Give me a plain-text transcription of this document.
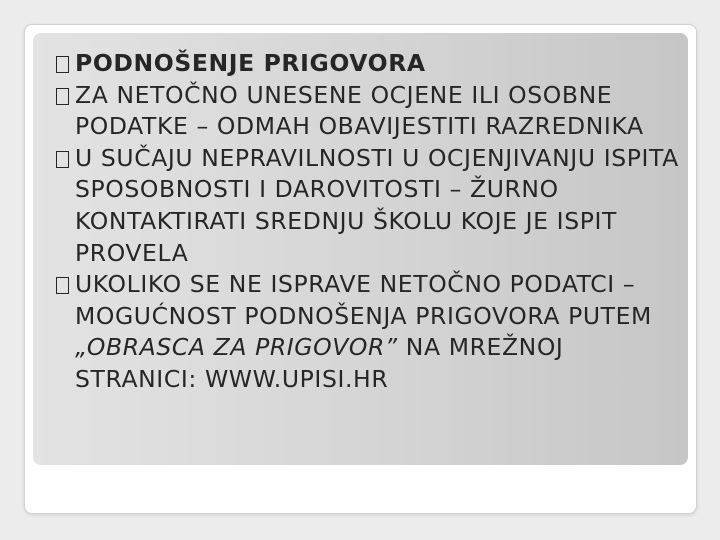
PODNOŠENJE PRIGOVORA
ZA NETOČNO UNESENE OCJENE ILI OSOBNE PODATKE – ODMAH OBAVIJESTITI RAZREDNIKA
U SUČAJU NEPRAVILNOSTI U OCJENJIVANJU ISPITA SPOSOBNOSTI I DAROVITOSTI – ŽURNO KONTAKTIRATI SREDNJU ŠKOLU KOJE JE ISPIT PROVELA
UKOLIKO SE NE ISPRAVE NETOČNO PODATCI – MOGUĆNOST PODNOŠENJA PRIGOVORA PUTEM „OBRASCA ZA PRIGOVOR” NA MREŽNOJ STRANICI: WWW.UPISI.HR
